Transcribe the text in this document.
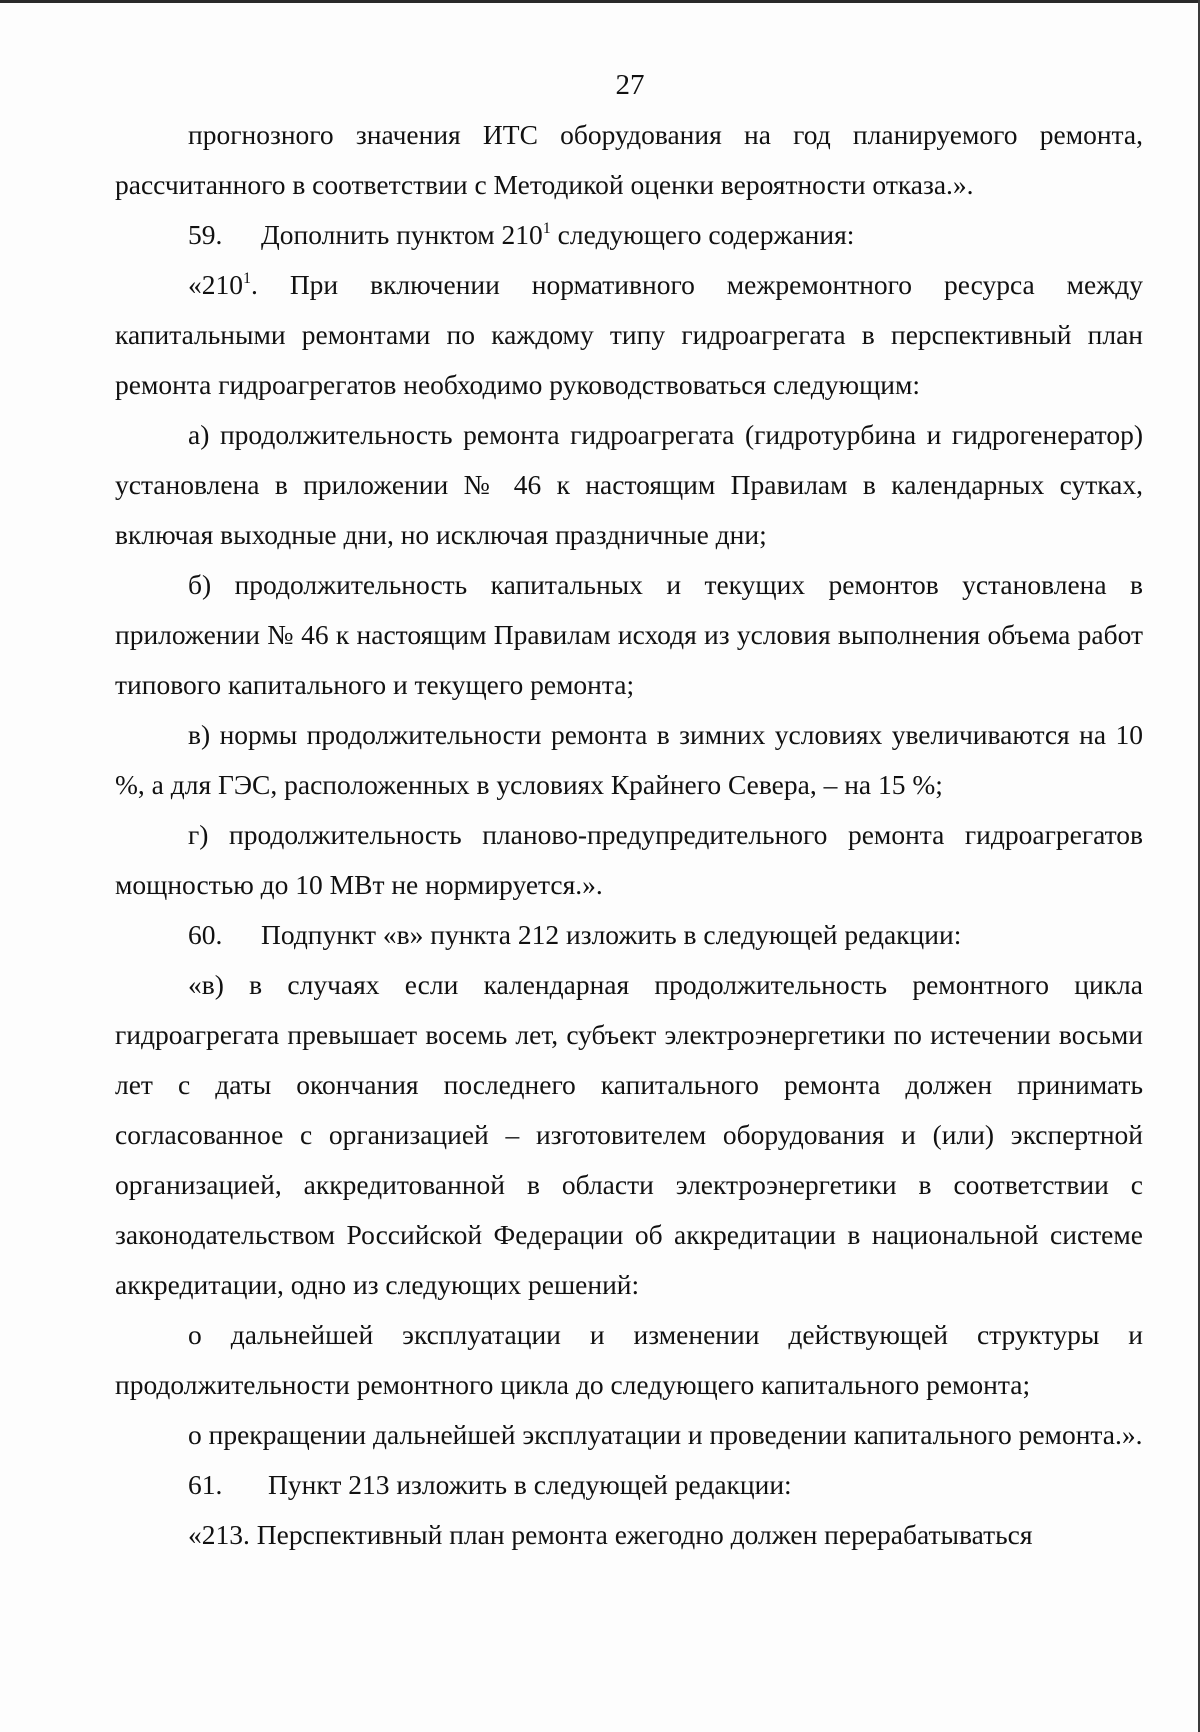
27

прогнозного значения ИТС оборудования на год планируемого ремонта, рассчитанного в соответствии с Методикой оценки вероятности отказа.».

59. Дополнить пунктом $210^1$ следующего содержания:

«$210^1$. При включении нормативного межремонтного ресурса между капитальными ремонтами по каждому типу гидроагрегата в перспективный план ремонта гидроагрегатов необходимо руководствоваться следующим:

а) продолжительность ремонта гидроагрегата (гидротурбина и гидрогенератор) установлена в приложении № 46 к настоящим Правилам в календарных сутках, включая выходные дни, но исключая праздничные дни;

б) продолжительность капитальных и текущих ремонтов установлена в приложении № 46 к настоящим Правилам исходя из условия выполнения объема работ типового капитального и текущего ремонта;

в) нормы продолжительности ремонта в зимних условиях увеличиваются на 10 %, а для ГЭС, расположенных в условиях Крайнего Севера, – на 15 %;

г) продолжительность планово-предупредительного ремонта гидроагрегатов мощностью до 10 МВт не нормируется.».

60. Подпункт «в» пункта 212 изложить в следующей редакции:

«в) в случаях если календарная продолжительность ремонтного цикла гидроагрегата превышает восемь лет, субъект электроэнергетики по истечении восьми лет с даты окончания последнего капитального ремонта должен принимать согласованное с организацией – изготовителем оборудования и (или) экспертной организацией, аккредитованной в области электроэнергетики в соответствии с законодательством Российской Федерации об аккредитации в национальной системе аккредитации, одно из следующих решений:

о дальнейшей эксплуатации и изменении действующей структуры и продолжительности ремонтного цикла до следующего капитального ремонта;

о прекращении дальнейшей эксплуатации и проведении капитального ремонта.».

61. Пункт 213 изложить в следующей редакции:

«213. Перспективный план ремонта ежегодно должен перерабатываться
